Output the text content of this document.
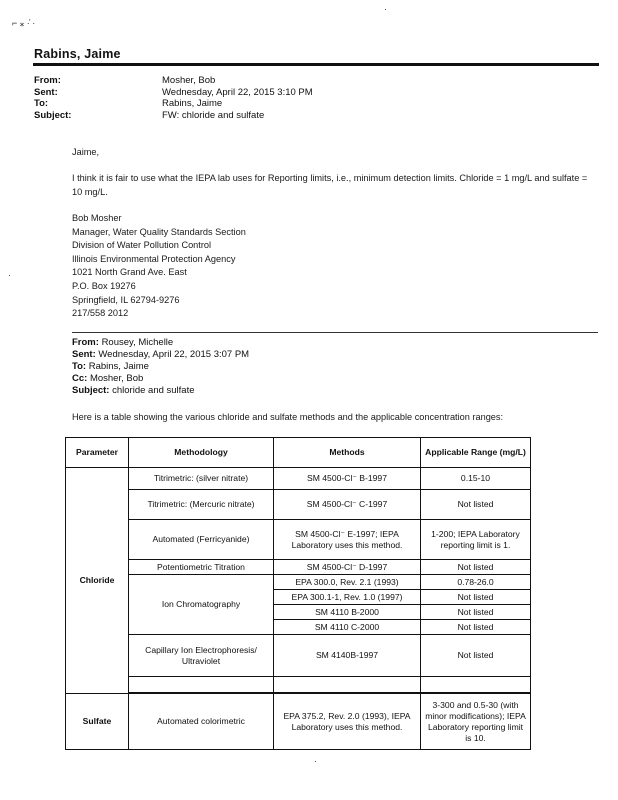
⌐ ⁎ ·͐ ·
Rabins, Jaime
From:	Mosher, Bob
Sent:	Wednesday, April 22, 2015 3:10 PM
To:	Rabins, Jaime
Subject:	FW: chloride and sulfate
Jaime,
I think it is fair to use what the IEPA lab uses for Reporting limits, i.e., minimum detection limits. Chloride = 1 mg/L and sulfate = 10 mg/L.
Bob Mosher
Manager, Water Quality Standards Section
Division of Water Pollution Control
Illinois Environmental Protection Agency
1021 North Grand Ave. East
P.O. Box 19276
Springfield, IL 62794-9276
217/558 2012
From: Rousey, Michelle
Sent: Wednesday, April 22, 2015 3:07 PM
To: Rabins, Jaime
Cc: Mosher, Bob
Subject: chloride and sulfate
Here is a table showing the various chloride and sulfate methods and the applicable concentration ranges:
Parameter	Methodology	Methods	Applicable Range (mg/L)
Chloride	Titrimetric: (silver nitrate)	SM 4500-Cl⁻ B-1997	0.15-10
	Titrimetric: (Mercuric nitrate)	SM 4500-Cl⁻ C-1997	Not listed
	Automated (Ferricyanide)	SM 4500-Cl⁻ E-1997; IEPA Laboratory uses this method.	1-200; IEPA Laboratory reporting limit is 1.
	Potentiometric Titration	SM 4500-Cl⁻ D-1997	Not listed
	Ion Chromatography	EPA 300.0, Rev. 2.1 (1993)	0.78-26.0
		EPA 300.1-1, Rev. 1.0 (1997)	Not listed
		SM 4110 B-2000	Not listed
		SM 4110 C-2000	Not listed
	Capillary Ion Electrophoresis/ Ultraviolet	SM 4140B-1997	Not listed

Sulfate	Automated colorimetric	EPA 375.2, Rev. 2.0 (1993), IEPA Laboratory uses this method.	3-300 and 0.5-30 (with minor modifications); IEPA Laboratory reporting limit is 10.
·
·
·
